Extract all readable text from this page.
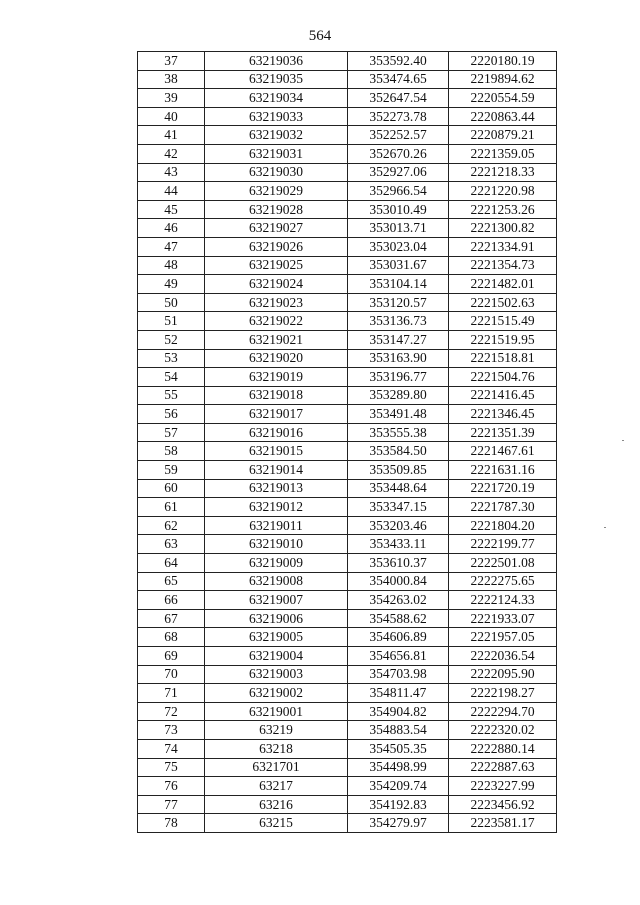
564
37	63219036	353592.40	2220180.19
38	63219035	353474.65	2219894.62
39	63219034	352647.54	2220554.59
40	63219033	352273.78	2220863.44
41	63219032	352252.57	2220879.21
42	63219031	352670.26	2221359.05
43	63219030	352927.06	2221218.33
44	63219029	352966.54	2221220.98
45	63219028	353010.49	2221253.26
46	63219027	353013.71	2221300.82
47	63219026	353023.04	2221334.91
48	63219025	353031.67	2221354.73
49	63219024	353104.14	2221482.01
50	63219023	353120.57	2221502.63
51	63219022	353136.73	2221515.49
52	63219021	353147.27	2221519.95
53	63219020	353163.90	2221518.81
54	63219019	353196.77	2221504.76
55	63219018	353289.80	2221416.45
56	63219017	353491.48	2221346.45
57	63219016	353555.38	2221351.39
58	63219015	353584.50	2221467.61
59	63219014	353509.85	2221631.16
60	63219013	353448.64	2221720.19
61	63219012	353347.15	2221787.30
62	63219011	353203.46	2221804.20
63	63219010	353433.11	2222199.77
64	63219009	353610.37	2222501.08
65	63219008	354000.84	2222275.65
66	63219007	354263.02	2222124.33
67	63219006	354588.62	2221933.07
68	63219005	354606.89	2221957.05
69	63219004	354656.81	2222036.54
70	63219003	354703.98	2222095.90
71	63219002	354811.47	2222198.27
72	63219001	354904.82	2222294.70
73	63219	354883.54	2222320.02
74	63218	354505.35	2222880.14
75	6321701	354498.99	2222887.63
76	63217	354209.74	2223227.99
77	63216	354192.83	2223456.92
78	63215	354279.97	2223581.17
